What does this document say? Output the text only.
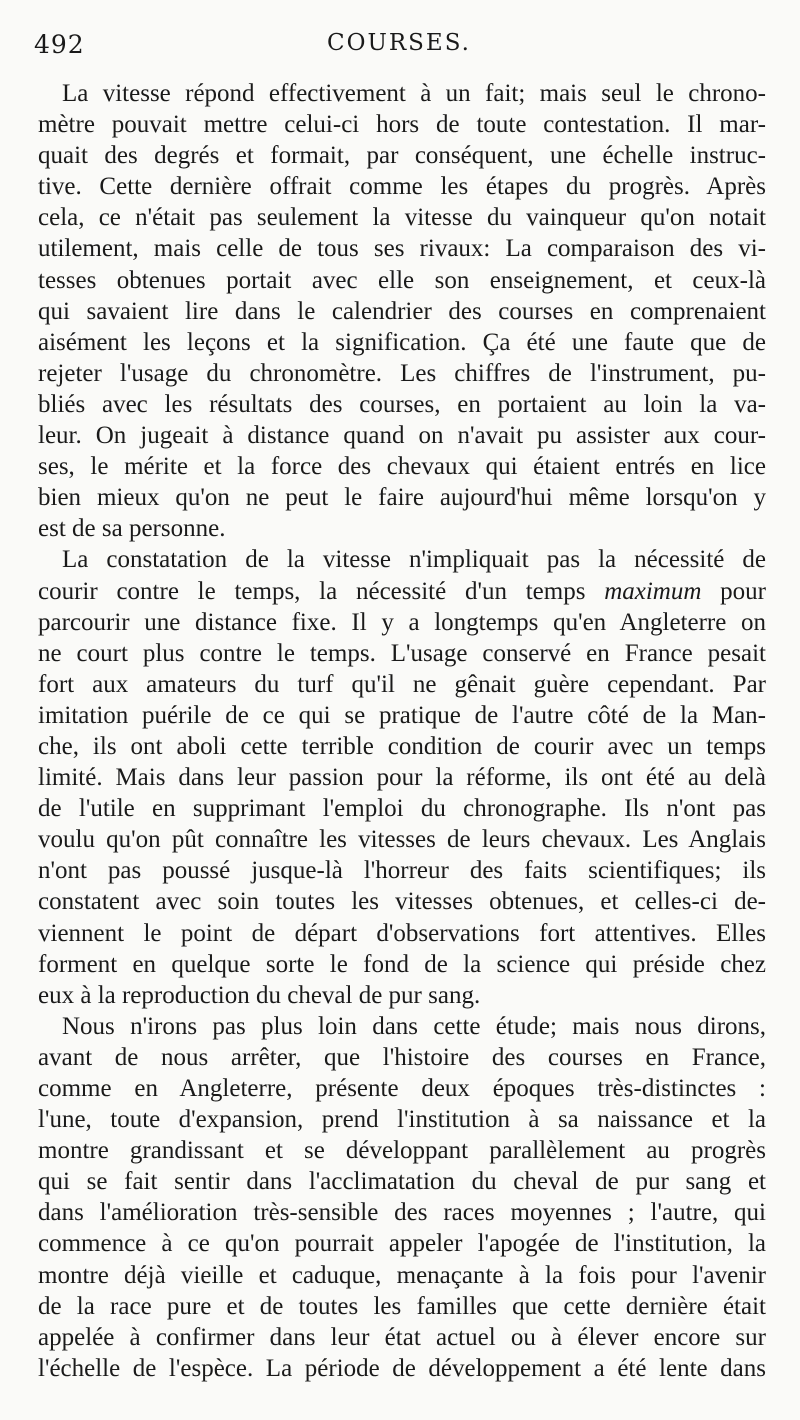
492	COURSES.
La vitesse répond effectivement à un fait; mais seul le chrono-
mètre pouvait mettre celui-ci hors de toute contestation. Il mar-
quait des degrés et formait, par conséquent, une échelle instruc-
tive. Cette dernière offrait comme les étapes du progrès. Après
cela, ce n'était pas seulement la vitesse du vainqueur qu'on notait
utilement, mais celle de tous ses rivaux: La comparaison des vi-
tesses obtenues portait avec elle son enseignement, et ceux-là
qui savaient lire dans le calendrier des courses en comprenaient
aisément les leçons et la signification. Ça été une faute que de
rejeter l'usage du chronomètre. Les chiffres de l'instrument, pu-
bliés avec les résultats des courses, en portaient au loin la va-
leur. On jugeait à distance quand on n'avait pu assister aux cour-
ses, le mérite et la force des chevaux qui étaient entrés en lice
bien mieux qu'on ne peut le faire aujourd'hui même lorsqu'on y
est de sa personne.
La constatation de la vitesse n'impliquait pas la nécessité de
courir contre le temps, la nécessité d'un temps maximum pour
parcourir une distance fixe. Il y a longtemps qu'en Angleterre on
ne court plus contre le temps. L'usage conservé en France pesait
fort aux amateurs du turf qu'il ne gênait guère cependant. Par
imitation puérile de ce qui se pratique de l'autre côté de la Man-
che, ils ont aboli cette terrible condition de courir avec un temps
limité. Mais dans leur passion pour la réforme, ils ont été au delà
de l'utile en supprimant l'emploi du chronographe. Ils n'ont pas
voulu qu'on pût connaître les vitesses de leurs chevaux. Les Anglais
n'ont pas poussé jusque-là l'horreur des faits scientifiques; ils
constatent avec soin toutes les vitesses obtenues, et celles-ci de-
viennent le point de départ d'observations fort attentives. Elles
forment en quelque sorte le fond de la science qui préside chez
eux à la reproduction du cheval de pur sang.
Nous n'irons pas plus loin dans cette étude; mais nous dirons,
avant de nous arrêter, que l'histoire des courses en France,
comme en Angleterre, présente deux époques très-distinctes :
l'une, toute d'expansion, prend l'institution à sa naissance et la
montre grandissant et se développant parallèlement au progrès
qui se fait sentir dans l'acclimatation du cheval de pur sang et
dans l'amélioration très-sensible des races moyennes ; l'autre, qui
commence à ce qu'on pourrait appeler l'apogée de l'institution, la
montre déjà vieille et caduque, menaçante à la fois pour l'avenir
de la race pure et de toutes les familles que cette dernière était
appelée à confirmer dans leur état actuel ou à élever encore sur
l'échelle de l'espèce. La période de développement a été lente dans
